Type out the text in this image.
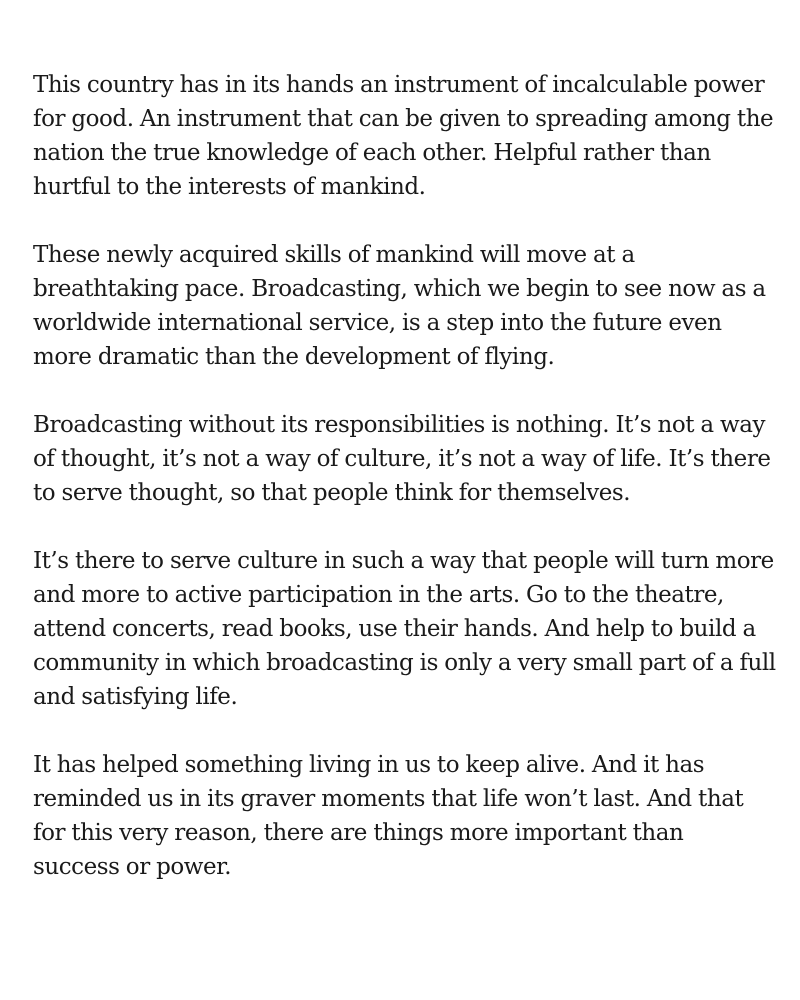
This country has in its hands an instrument of incalculable power for good. An instrument that can be given to spreading among the nation the true knowledge of each other. Helpful rather than hurtful to the interests of mankind.

These newly acquired skills of mankind will move at a breathtaking pace. Broadcasting, which we begin to see now as a worldwide international service, is a step into the future even more dramatic than the development of flying.

Broadcasting without its responsibilities is nothing. It’s not a way of thought, it’s not a way of culture, it’s not a way of life. It’s there to serve thought, so that people think for themselves.

It’s there to serve culture in such a way that people will turn more and more to active participation in the arts. Go to the theatre, attend concerts, read books, use their hands. And help to build a community in which broadcasting is only a very small part of a full and satisfying life.

It has helped something living in us to keep alive. And it has reminded us in its graver moments that life won’t last. And that for this very reason, there are things more important than success or power.
